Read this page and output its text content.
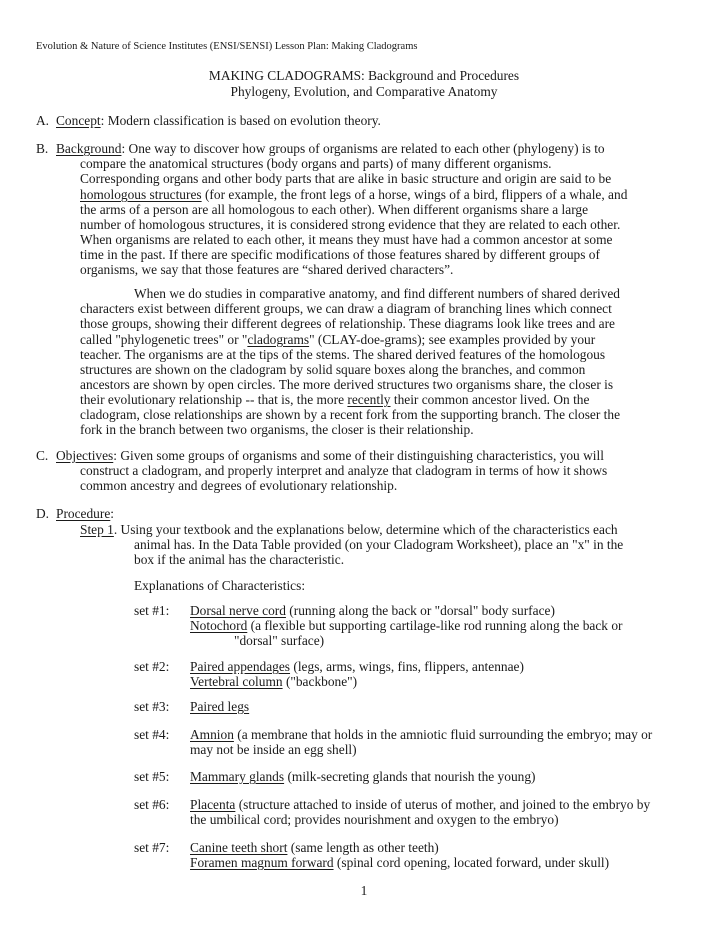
Evolution & Nature of Science Institutes (ENSI/SENSI) Lesson Plan: Making Cladograms
MAKING CLADOGRAMS: Background and Procedures
Phylogeny, Evolution, and Comparative Anatomy
A. Concept: Modern classification is based on evolution theory.
B. Background: One way to discover how groups of organisms are related to each other (phylogeny) is to
compare the anatomical structures (body organs and parts) of many different organisms.
Corresponding organs and other body parts that are alike in basic structure and origin are said to be
homologous structures (for example, the front legs of a horse, wings of a bird, flippers of a whale, and
the arms of a person are all homologous to each other). When different organisms share a large
number of homologous structures, it is considered strong evidence that they are related to each other.
When organisms are related to each other, it means they must have had a common ancestor at some
time in the past. If there are specific modifications of those features shared by different groups of
organisms, we say that those features are “shared derived characters”.
When we do studies in comparative anatomy, and find different numbers of shared derived
characters exist between different groups, we can draw a diagram of branching lines which connect
those groups, showing their different degrees of relationship. These diagrams look like trees and are
called "phylogenetic trees" or "cladograms" (CLAY-doe-grams); see examples provided by your
teacher. The organisms are at the tips of the stems. The shared derived features of the homologous
structures are shown on the cladogram by solid square boxes along the branches, and common
ancestors are shown by open circles. The more derived structures two organisms share, the closer is
their evolutionary relationship -- that is, the more recently their common ancestor lived. On the
cladogram, close relationships are shown by a recent fork from the supporting branch. The closer the
fork in the branch between two organisms, the closer is their relationship.
C. Objectives: Given some groups of organisms and some of their distinguishing characteristics, you will
construct a cladogram, and properly interpret and analyze that cladogram in terms of how it shows
common ancestry and degrees of evolutionary relationship.
D. Procedure:
Step 1. Using your textbook and the explanations below, determine which of the characteristics each
animal has. In the Data Table provided (on your Cladogram Worksheet), place an "x" in the
box if the animal has the characteristic.
Explanations of Characteristics:
set #1: Dorsal nerve cord (running along the back or "dorsal" body surface)
Notochord (a flexible but supporting cartilage-like rod running along the back or
"dorsal" surface)
set #2: Paired appendages (legs, arms, wings, fins, flippers, antennae)
Vertebral column ("backbone")
set #3: Paired legs
set #4: Amnion (a membrane that holds in the amniotic fluid surrounding the embryo; may or
may not be inside an egg shell)
set #5: Mammary glands (milk-secreting glands that nourish the young)
set #6: Placenta (structure attached to inside of uterus of mother, and joined to the embryo by
the umbilical cord; provides nourishment and oxygen to the embryo)
set #7: Canine teeth short (same length as other teeth)
Foramen magnum forward (spinal cord opening, located forward, under skull)
1
